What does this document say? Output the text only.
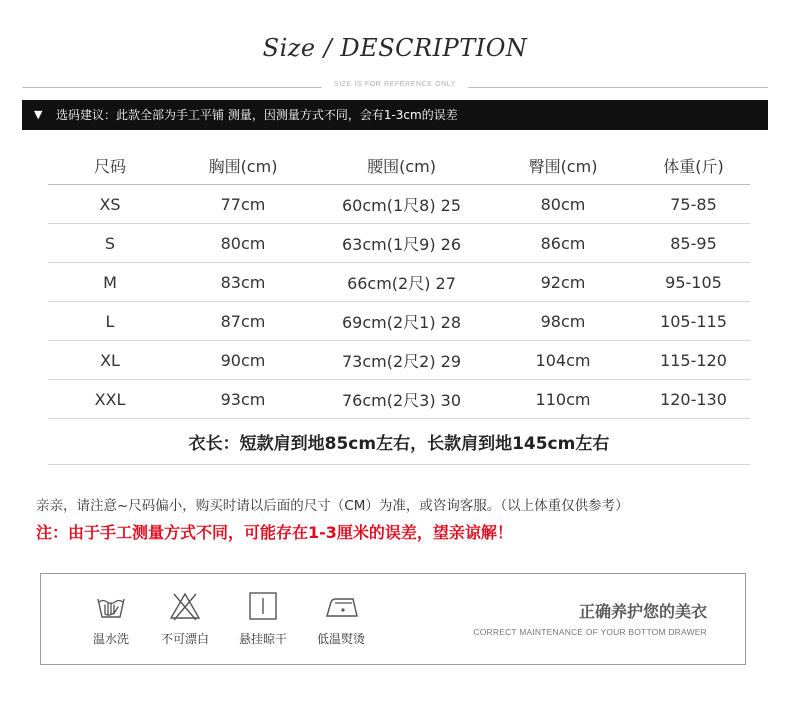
Size / DESCRIPTION
SIZE IS FOR REFERENCE ONLY
▼ 选码建议：此款全部为手工平铺 测量，因测量方式不同，会有1-3cm的误差
尺码	胸围(cm)	腰围(cm)	臀围(cm)	体重(斤)
XS	77cm	60cm(1尺8) 25	80cm	75-85
S	80cm	63cm(1尺9) 26	86cm	85-95
M	83cm	66cm(2尺) 27	92cm	95-105
L	87cm	69cm(2尺1) 28	98cm	105-115
XL	90cm	73cm(2尺2) 29	104cm	115-120
XXL	93cm	76cm(2尺3) 30	110cm	120-130
衣长：短款肩到地85cm左右，长款肩到地145cm左右
亲亲，请注意~尺码偏小，购买时请以后面的尺寸（CM）为准，或咨询客服。（以上体重仅供参考）
注：由于手工测量方式不同，可能存在1-3厘米的误差，望亲谅解！
温水洗	不可漂白	悬挂晾干	低温熨烫
正确养护您的美衣
CORRECT MAINTENANCE OF YOUR BOTTOM DRAWER
